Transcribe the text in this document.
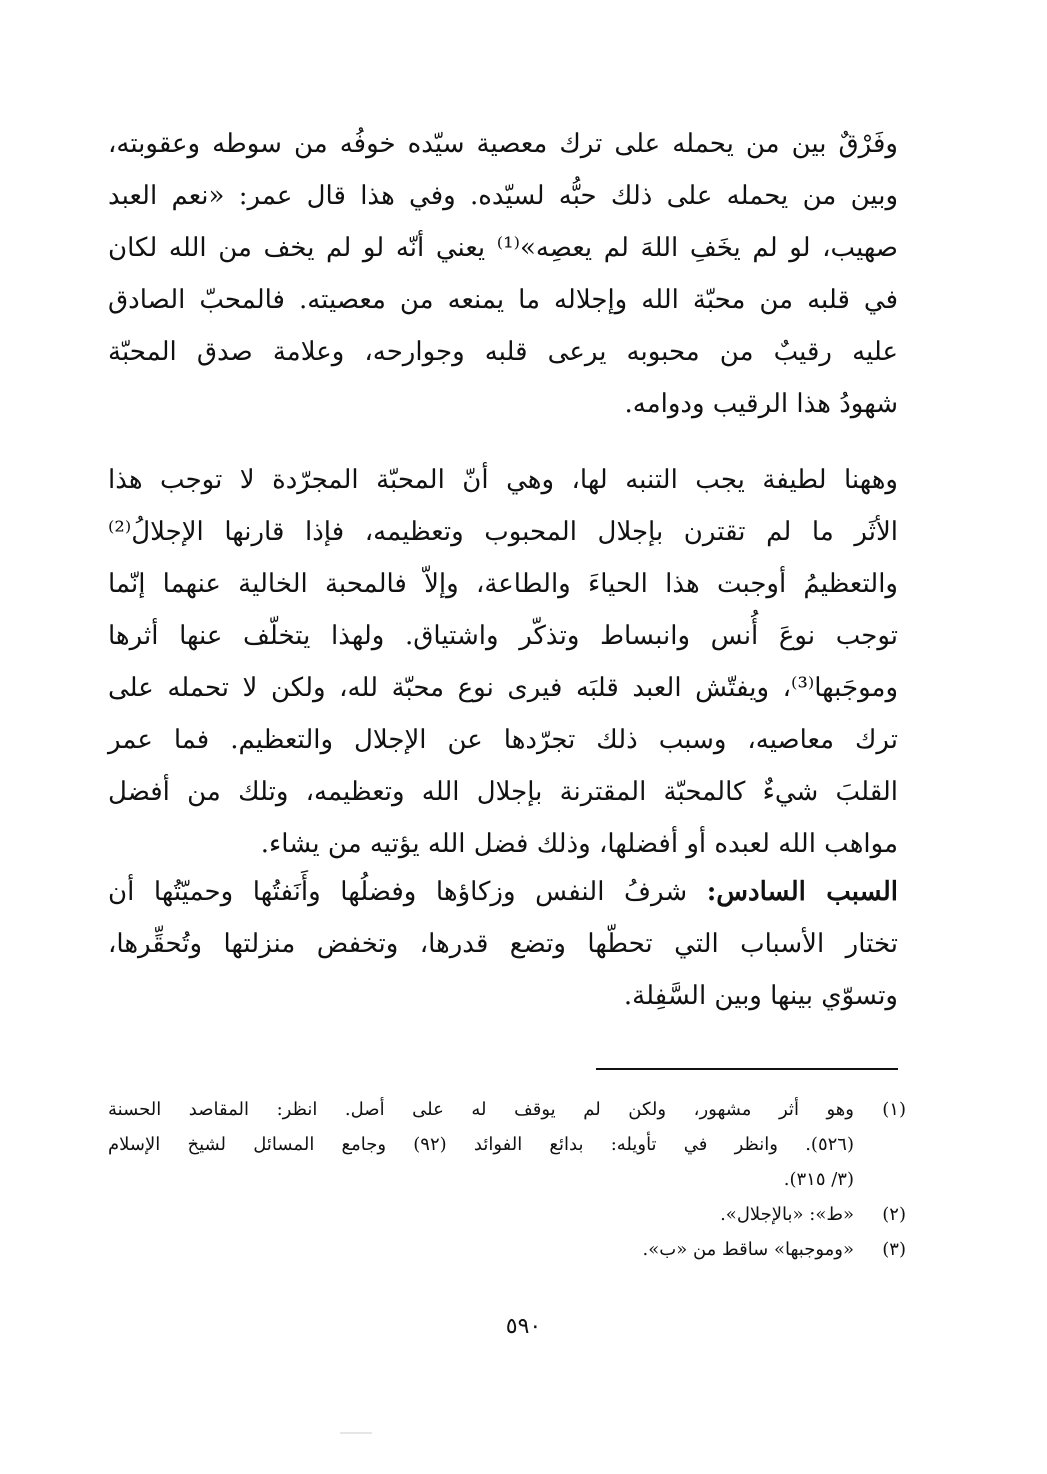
وفَرْقٌ بين من يحمله على ترك معصية سيّده خوفُه من سوطه وعقوبته،
وبين من يحمله على ذلك حبُّه لسيّده. وفي هذا قال عمر: «نعم العبد
صهيب، لو لم يخَفِ اللهَ لم يعصِه»⁽¹⁾ يعني أنّه لو لم يخف من الله لكان
في قلبه من محبّة الله وإجلاله ما يمنعه من معصيته. فالمحبّ الصادق
عليه رقيبٌ من محبوبه يرعى قلبه وجوارحه، وعلامة صدق المحبّة
شهودُ هذا الرقيب ودوامه.
وههنا لطيفة يجب التنبه لها، وهي أنّ المحبّة المجرّدة لا توجب هذا
الأثَر ما لم تقترن بإجلال المحبوب وتعظيمه، فإذا قارنها الإجلالُ⁽²⁾
والتعظيمُ أوجبت هذا الحياءَ والطاعة، وإلاّ فالمحبة الخالية عنهما إنّما
توجب نوعَ أُنس وانبساط وتذكّر واشتياق. ولهذا يتخلّف عنها أثرها
وموجَبها⁽³⁾، ويفتّش العبد قلبَه فيرى نوع محبّة لله، ولكن لا تحمله على
ترك معاصيه، وسبب ذلك تجرّدها عن الإجلال والتعظيم. فما عمر
القلبَ شيءٌ كالمحبّة المقترنة بإجلال الله وتعظيمه، وتلك من أفضل
مواهب الله لعبده أو أفضلها، وذلك فضل الله يؤتيه من يشاء.
السبب السادس: شرفُ النفس وزكاؤها وفضلُها وأَنَفتُها وحميّتُها أن
تختار الأسباب التي تحطّها وتضع قدرها، وتخفض منزلتها وتُحقِّرها،
وتسوّي بينها وبين السَّفِلة.
(١)
وهو أثر مشهور، ولكن لم يوقف له على أصل. انظر: المقاصد الحسنة
(٥٢٦). وانظر في تأويله: بدائع الفوائد (٩٢) وجامع المسائل لشيخ الإسلام
(٣/ ٣١٥).
(٢)
«ط»: «بالإجلال».
(٣)
«وموجبها» ساقط من «ب».
٥٩٠
